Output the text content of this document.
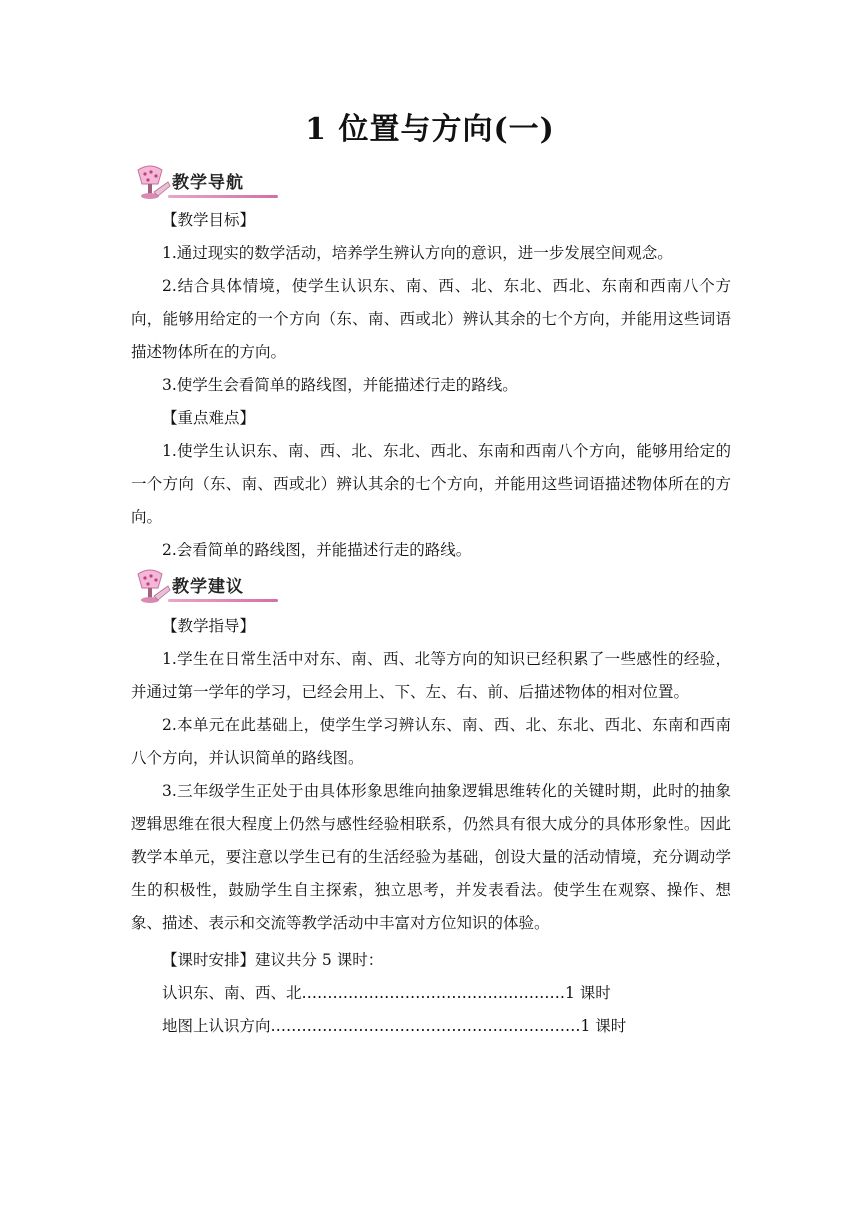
1 位置与方向(一)
教学导航
教学建议

【教学目标】

1.通过现实的数学活动，培养学生辨认方向的意识，进一步发展空间观念。

2.结合具体情境，使学生认识东、南、西、北、东北、西北、东南和西南八个方向，能够用给定的一个方向（东、南、西或北）辨认其余的七个方向，并能用这些词语描述物体所在的方向。

3.使学生会看简单的路线图，并能描述行走的路线。

【重点难点】

1.使学生认识东、南、西、北、东北、西北、东南和西南八个方向，能够用给定的一个方向（东、南、西或北）辨认其余的七个方向，并能用这些词语描述物体所在的方向。

2.会看简单的路线图，并能描述行走的路线。

【教学指导】

1.学生在日常生活中对东、南、西、北等方向的知识已经积累了一些感性的经验，并通过第一学年的学习，已经会用上、下、左、右、前、后描述物体的相对位置。

2.本单元在此基础上，使学生学习辨认东、南、西、北、东北、西北、东南和西南八个方向，并认识简单的路线图。

3.三年级学生正处于由具体形象思维向抽象逻辑思维转化的关键时期，此时的抽象逻辑思维在很大程度上仍然与感性经验相联系，仍然具有很大成分的具体形象性。因此教学本单元，要注意以学生已有的生活经验为基础，创设大量的活动情境，充分调动学生的积极性，鼓励学生自主探索，独立思考，并发表看法。使学生在观察、操作、想象、描述、表示和交流等教学活动中丰富对方位知识的体验。

【课时安排】建议共分 5 课时：

认识东、南、西、北……………………………………………1 课时

地图上认识方向……………………………………………………1 课时
